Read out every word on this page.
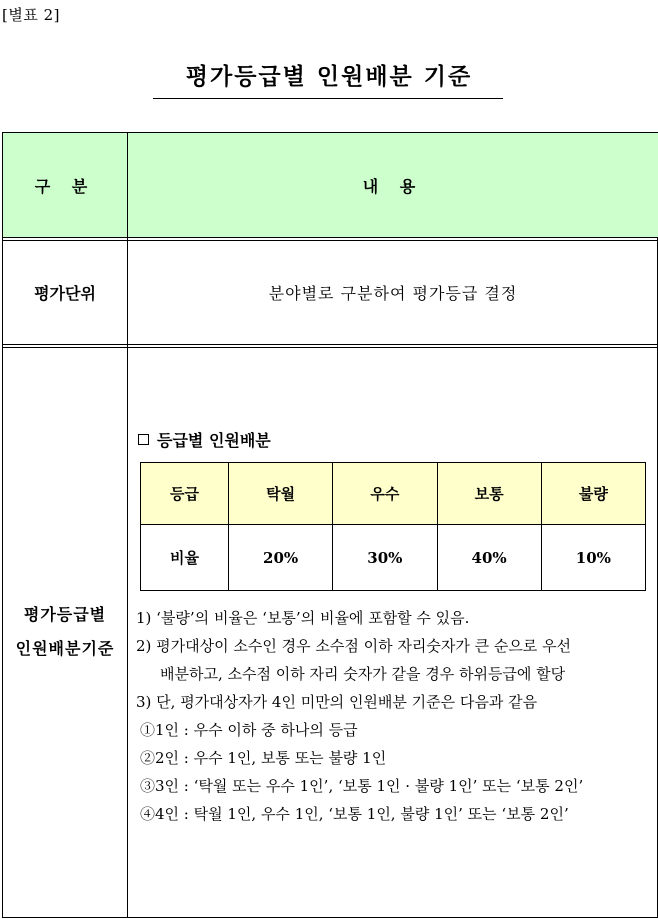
[별표 2]
평가등급별 인원배분 기준
구 분	내 용
평가단위	분야별로 구분하여 평가등급 결정
평가등급별
인원배분기준
등급별 인원배분
등급	탁월	우수	보통	불량
비율	20%	30%	40%	10%
1) ‘불량’의 비율은 ‘보통’의 비율에 포함할 수 있음.
2) 평가대상이 소수인 경우 소수점 이하 자리숫자가 큰 순으로 우선
배분하고, 소수점 이하 자리 숫자가 같을 경우 하위등급에 할당
3) 단, 평가대상자가 4인 미만의 인원배분 기준은 다음과 같음
①1인 : 우수 이하 중 하나의 등급
②2인 : 우수 1인, 보통 또는 불량 1인
③3인 : ‘탁월 또는 우수 1인’, ‘보통 1인 · 불량 1인’ 또는 ‘보통 2인’
④4인 : 탁월 1인, 우수 1인, ‘보통 1인, 불량 1인’ 또는 ‘보통 2인’
